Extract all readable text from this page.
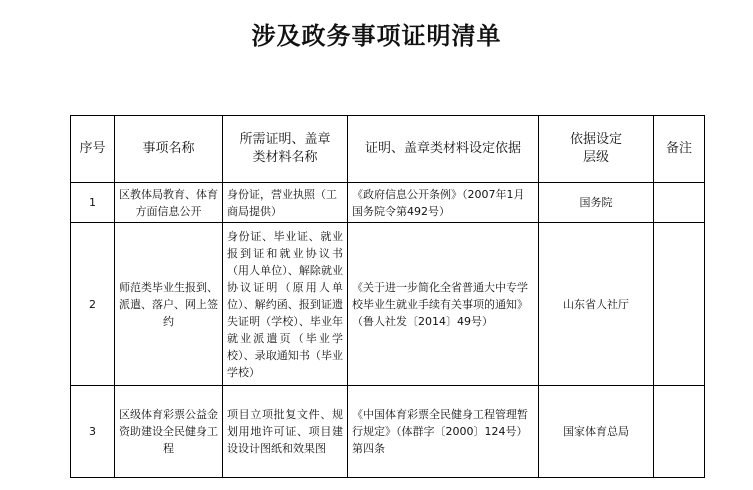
涉及政务事项证明清单
序号	事项名称	所需证明、盖章类材料名称	证明、盖章类材料设定依据	依据设定层级	备注
1	区教体局教育、体育方面信息公开	身份证，营业执照（工商局提供）	《政府信息公开条例》（2007年1月国务院令第492号）	国务院	
2	师范类毕业生报到、派遣、落户、网上签约	身份证、毕业证、就业报到证和就业协议书（用人单位）、解除就业协议证明（原用人单位）、解约函、报到证遗失证明（学校）、毕业年就业派遣页（毕业学校）、录取通知书（毕业学校）	《关于进一步简化全省普通大中专学校毕业生就业手续有关事项的通知》（鲁人社发〔2014〕49号）	山东省人社厅	
3	区级体育彩票公益金资助建设全民健身工程	项目立项批复文件、规划用地许可证、项目建设设计图纸和效果图	《中国体育彩票全民健身工程管理暂行规定》（体群字〔2000〕124号）第四条	国家体育总局	
